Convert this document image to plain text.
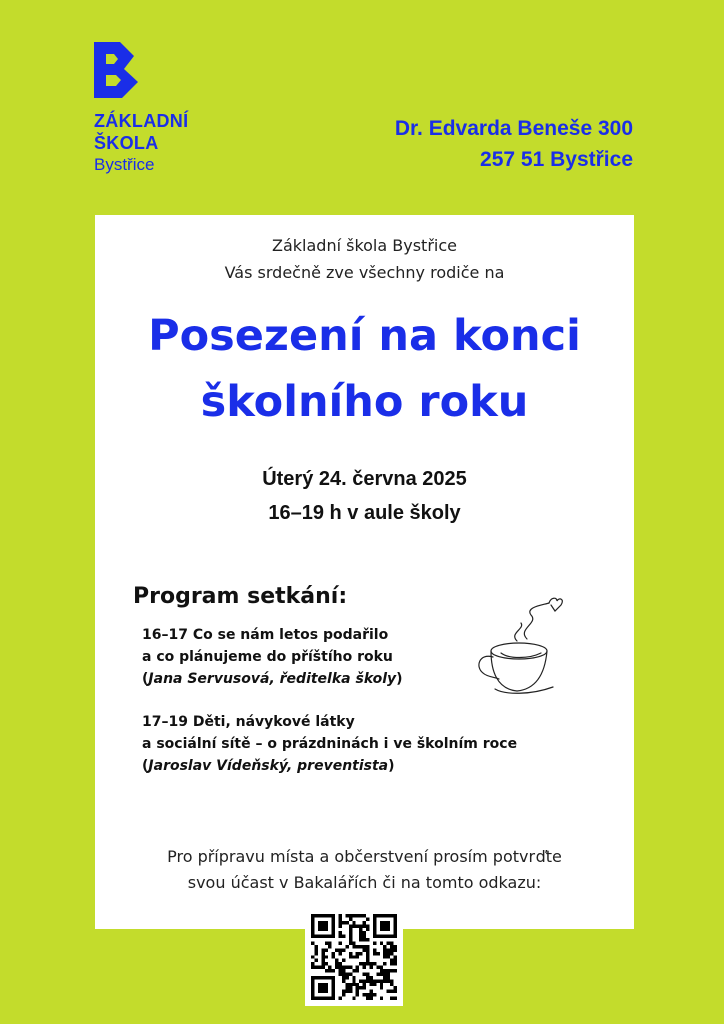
ZÁKLADNÍ
ŠKOLA
Bystřice
Dr. Edvarda Beneše 300
257 51 Bystřice
Základní škola Bystřice
Vás srdečně zve všechny rodiče na
Posezení na konci
školního roku
Úterý 24. června 2025
16–19 h v aule školy
Program setkání:
16–17 Co se nám letos podařilo
a co plánujeme do příštího roku
(Jana Servusová, ředitelka školy)
17–19 Děti, návykové látky
a sociální sítě – o prázdninách i ve školním roce
(Jaroslav Vídeňský, preventista)
Pro přípravu místa a občerstvení prosím potvrďte
svou účast v Bakalářích či na tomto odkazu:
